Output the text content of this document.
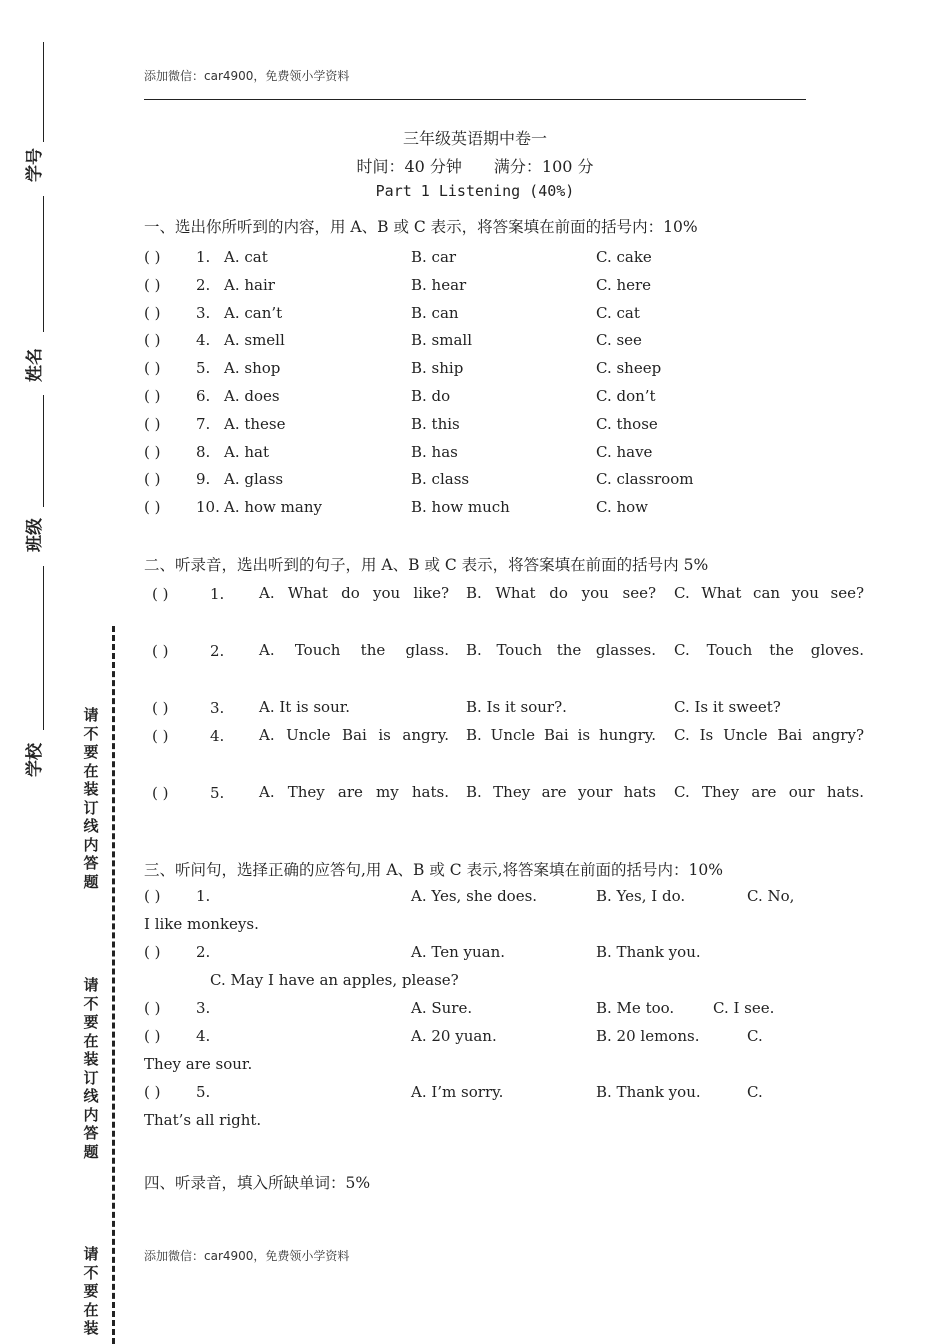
添加微信：car4900，免费领小学资料
学号
姓名
班级
学校
请不要在装订线内答题
请不要在装订线内答题
请不要在装
三年级英语期中卷一
时间：40 分钟　　满分：100 分
Part 1 Listening (40%)
一、选出你所听到的内容，用 A、B 或 C 表示，将答案填在前面的括号内：10%
( ) 1. A. cat	B. car	C. cake
( ) 2. A. hair	B. hear	C. here
( ) 3. A. can’t	B. can	C. cat
( ) 4. A. smell	B. small	C. see
( ) 5. A. shop	B. ship	C. sheep
( ) 6. A. does	B. do	C. don’t
( ) 7. A. these	B. this	C. those
( ) 8. A. hat	B. has	C. have
( ) 9. A. glass	B. class	C. classroom
( ) 10. A. how many	B. how much	C. how
二、听录音，选出听到的句子，用 A、B 或 C 表示，将答案填在前面的括号内 5%
( )	1. A. What do you like? B. What do you see? C. What can you see?
( )	2. A. Touch the glass. B. Touch the glasses. C. Touch the gloves.
( )	3. A. It is sour.	B. Is it sour?.	C. Is it sweet?
( )	4. A. Uncle Bai is angry. B. Uncle Bai is hungry. C. Is Uncle Bai angry?
( )	5. A. They are my hats. B. They are your hats C. They are our hats.
三、听问句，选择正确的应答句,用 A、B 或 C 表示,将答案填在前面的括号内：10%
( ) 1.	A. Yes, she does.	B. Yes, I do.	C. No,
I like monkeys.
( ) 2.	A. Ten yuan.	B. Thank you.
C. May I have an apples, please?
( ) 3.	A. Sure.	B. Me too.	C. I see.
( ) 4.	A. 20 yuan.	B. 20 lemons.	C.
They are sour.
( ) 5.	A. I’m sorry.	B. Thank you.	C.
That’s all right.
四、听录音，填入所缺单词：5%
添加微信：car4900，免费领小学资料
